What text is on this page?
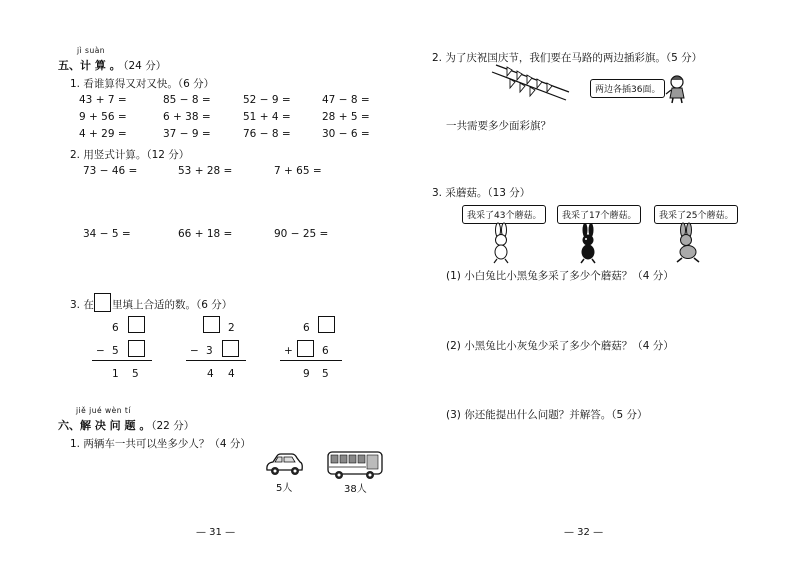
jì suàn
五、计 算 。
（24 分）
1. 看谁算得又对又快。（6 分）
43 + 7 =	85 − 8 =	52 − 9 =	47 − 8 =
9 + 56 =	6 + 38 =	51 + 4 =	28 + 5 =
4 + 29 =	37 − 9 =	76 − 8 =	30 − 6 =
2. 用竖式计算。（12 分）
73 − 46 =	53 + 28 =	7 + 65 =
34 − 5 =	66 + 18 =	90 − 25 =
3. 在 里填上合适的数。（6 分）
6
− 5
1 5
2
− 3
4 4
6
+	6
9 5
jiě jué wèn tí
六、解 决 问 题 。
（22 分）
1. 两辆车一共可以坐多少人？（4 分）
5人	38人
— 31 —
2. 为了庆祝国庆节，我们要在马路的两边插彩旗。（5 分）
两边各插36面。
一共需要多少面彩旗？
3. 采蘑菇。（13 分）
我采了43个蘑菇。	我采了17个蘑菇。	我采了25个蘑菇。
(1) 小白兔比小黑兔多采了多少个蘑菇？（4 分）
(2) 小黑兔比小灰兔少采了多少个蘑菇？（4 分）
(3) 你还能提出什么问题？并解答。（5 分）
— 32 —
